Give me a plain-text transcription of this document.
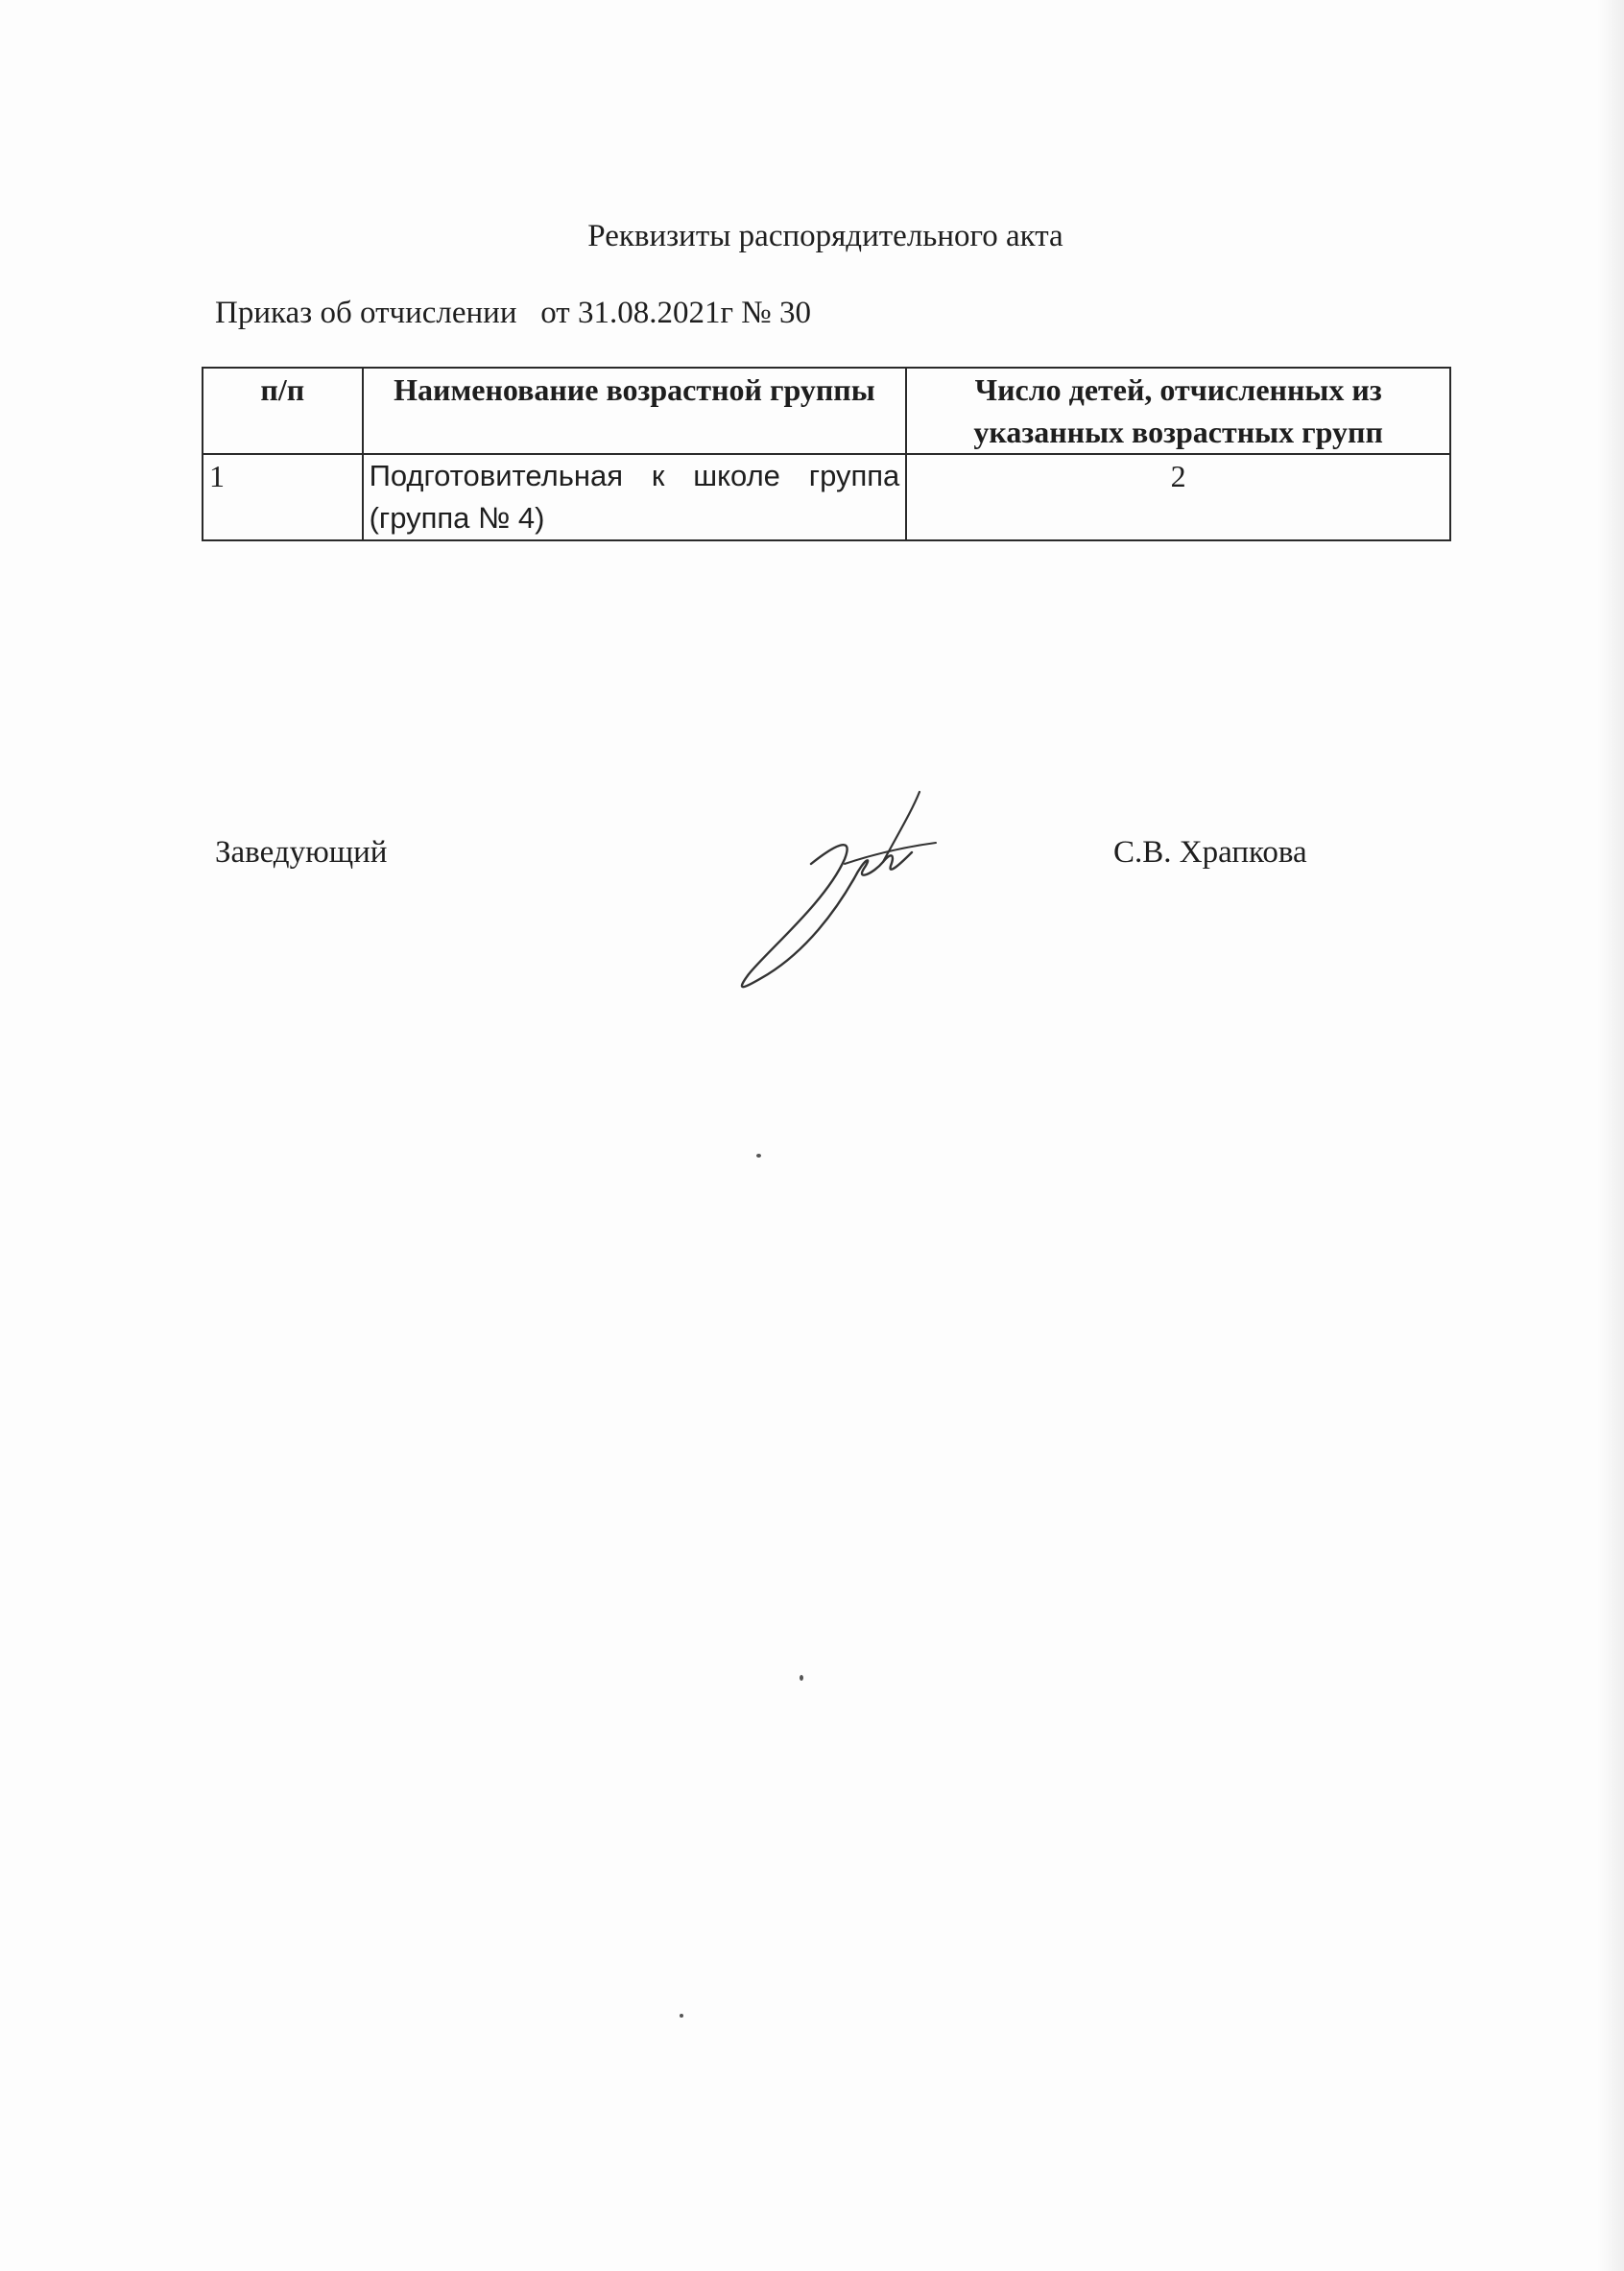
Реквизиты распорядительного акта
Приказ об отчислении   от 31.08.2021г № 30
п/п	Наименование возрастной группы	Число детей, отчисленных из указанных возрастных групп
1	Подготовительная к школе группа (группа № 4)	2
Заведующий	С.В. Храпкова
